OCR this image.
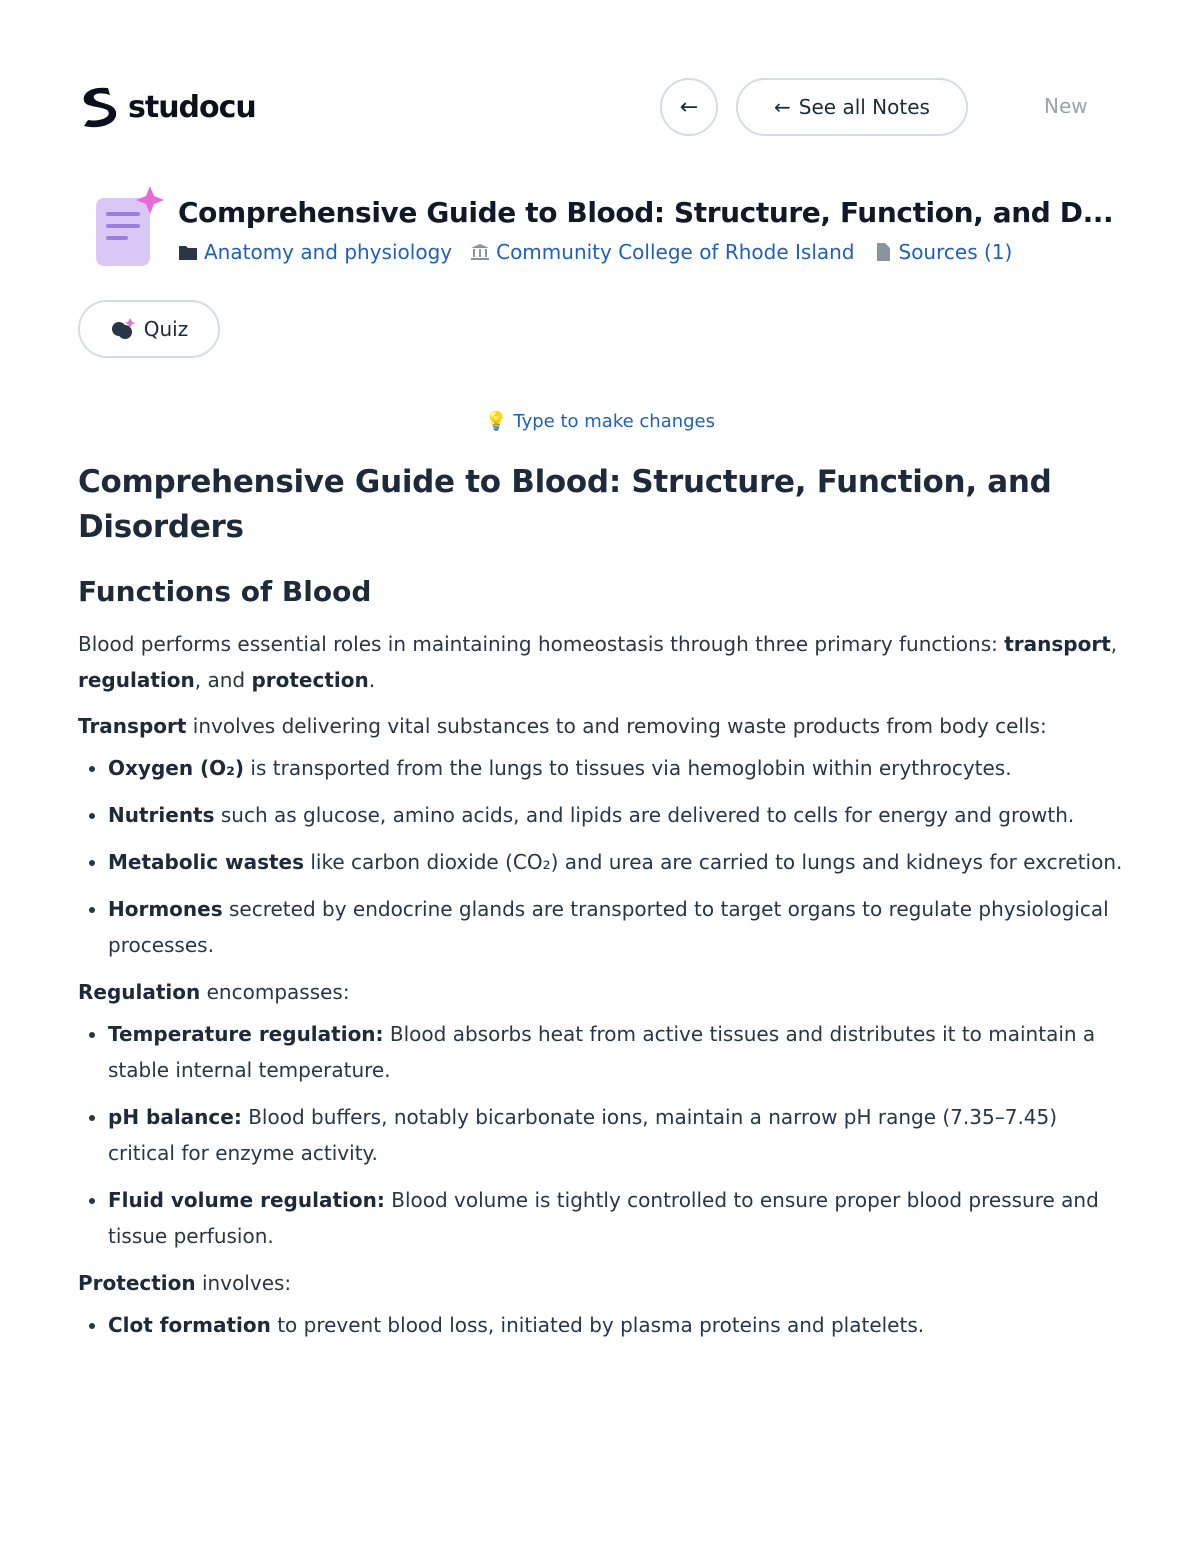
studocu	←	← See all Notes	New
Comprehensive Guide to Blood: Structure, Function, and D...
Anatomy and physiology Community College of Rhode Island Sources (1)
Quiz
💡 Type to make changes
Comprehensive Guide to Blood: Structure, Function, and Disorders
Functions of Blood

Blood performs essential roles in maintaining homeostasis through three primary functions: transport, regulation, and protection.

Transport involves delivering vital substances to and removing waste products from body cells:

• Oxygen (O₂) is transported from the lungs to tissues via hemoglobin within erythrocytes.
• Nutrients such as glucose, amino acids, and lipids are delivered to cells for energy and growth.
• Metabolic wastes like carbon dioxide (CO₂) and urea are carried to lungs and kidneys for excretion.
• Hormones secreted by endocrine glands are transported to target organs to regulate physiological processes.

Regulation encompasses:

• Temperature regulation: Blood absorbs heat from active tissues and distributes it to maintain a stable internal temperature.
• pH balance: Blood buffers, notably bicarbonate ions, maintain a narrow pH range (7.35–7.45) critical for enzyme activity.
• Fluid volume regulation: Blood volume is tightly controlled to ensure proper blood pressure and tissue perfusion.

Protection involves:

• Clot formation to prevent blood loss, initiated by plasma proteins and platelets.
